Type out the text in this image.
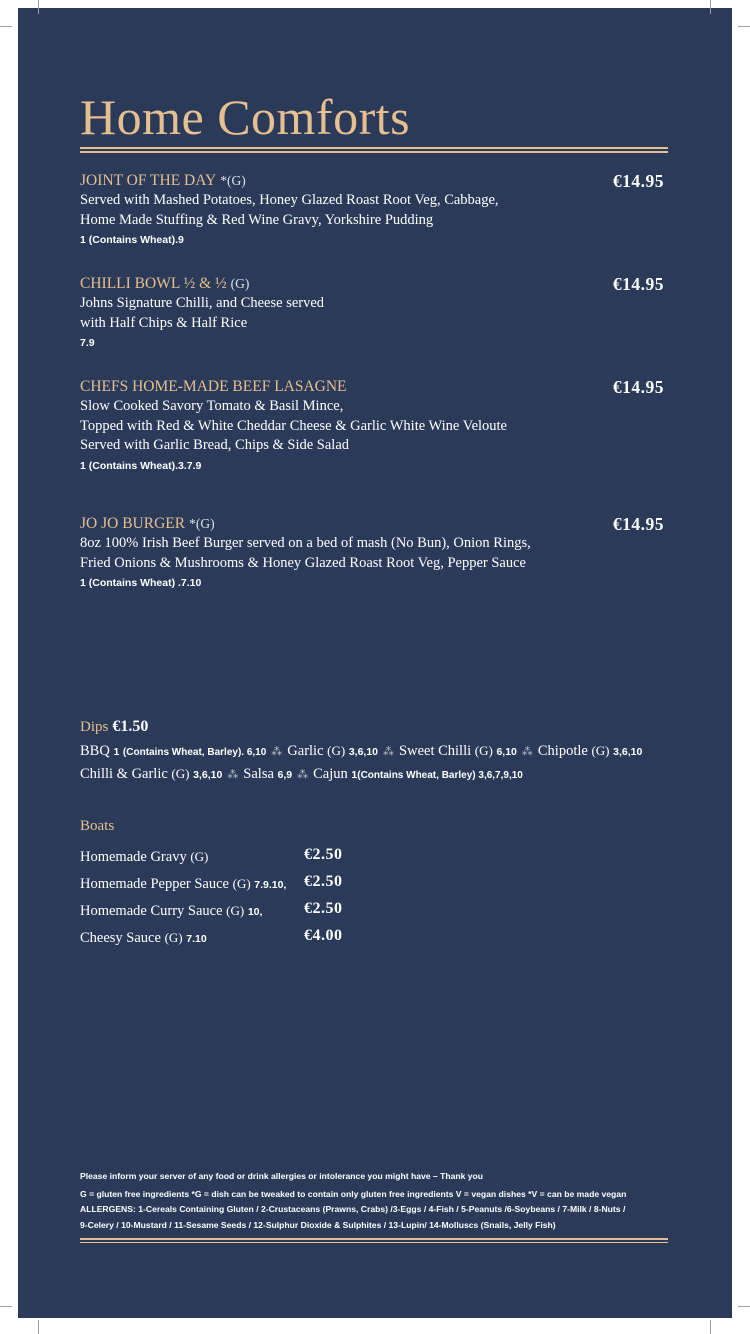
Home Comforts
JOINT OF THE DAY *(G)	€14.95
Served with Mashed Potatoes, Honey Glazed Roast Root Veg, Cabbage,
Home Made Stuffing & Red Wine Gravy, Yorkshire Pudding
1 (Contains Wheat).9
CHILLI BOWL ½ & ½ (G)	€14.95
Johns Signature Chilli, and Cheese served
with Half Chips & Half Rice
7.9
CHEFS HOME-MADE BEEF LASAGNE	€14.95
Slow Cooked Savory Tomato & Basil Mince,
Topped with Red & White Cheddar Cheese & Garlic White Wine Veloute
Served with Garlic Bread, Chips & Side Salad
1 (Contains Wheat).3.7.9
JO JO BURGER *(G)	€14.95
8oz 100% Irish Beef Burger served on a bed of mash (No Bun), Onion Rings,
Fried Onions & Mushrooms & Honey Glazed Roast Root Veg, Pepper Sauce
1 (Contains Wheat) .7.10
Dips €1.50
BBQ 1 (Contains Wheat, Barley). 6,10 ⁂ Garlic (G) 3,6,10 ⁂ Sweet Chilli (G) 6,10 ⁂ Chipotle (G) 3,6,10
Chilli & Garlic (G) 3,6,10 ⁂ Salsa 6,9 ⁂ Cajun 1(Contains Wheat, Barley) 3,6,7,9,10
Boats
Homemade Gravy (G)	€2.50
Homemade Pepper Sauce (G) 7.9.10, €2.50
Homemade Curry Sauce (G) 10,	€2.50
Cheesy Sauce (G) 7.10	€4.00
Please inform your server of any food or drink allergies or intolerance you might have – Thank you
G = gluten free ingredients *G = dish can be tweaked to contain only gluten free ingredients V = vegan dishes *V = can be made vegan
ALLERGENS: 1-Cereals Containing Gluten / 2-Crustaceans (Prawns, Crabs) /3-Eggs / 4-Fish / 5-Peanuts /6-Soybeans / 7-Milk / 8-Nuts /
9-Celery / 10-Mustard / 11-Sesame Seeds / 12-Sulphur Dioxide & Sulphites / 13-Lupin/ 14-Molluscs (Snails, Jelly Fish)
